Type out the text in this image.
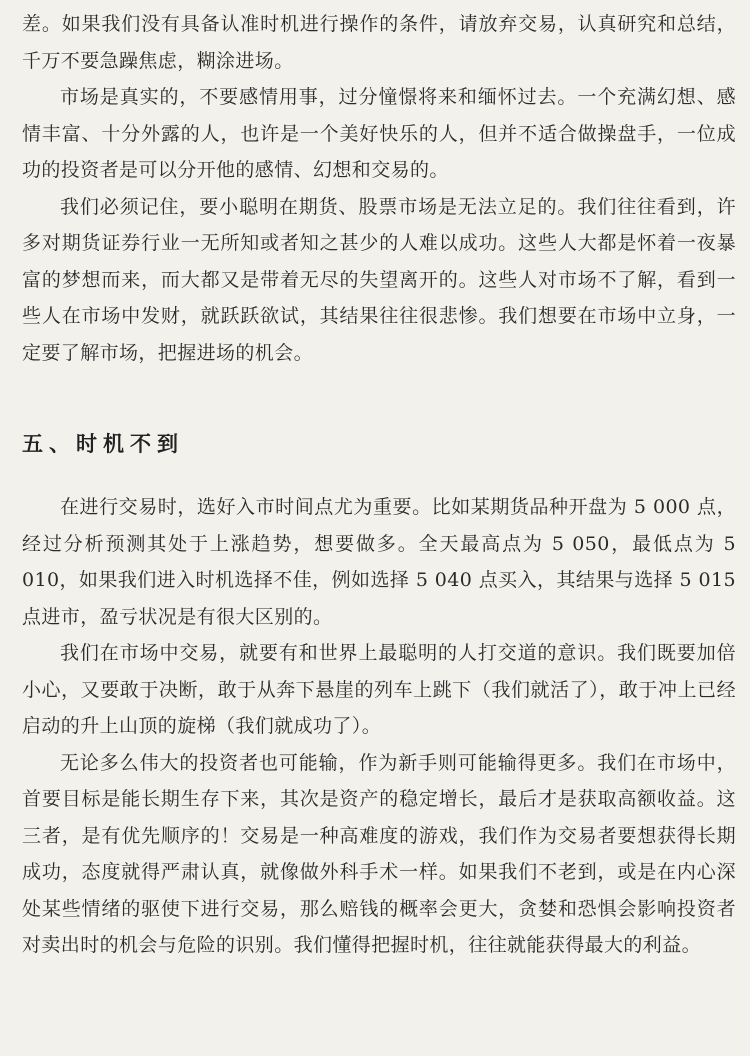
差。如果我们没有具备认准时机进行操作的条件，请放弃交易，认真研究和总结，千万不要急躁焦虑，糊涂进场。

市场是真实的，不要感情用事，过分憧憬将来和缅怀过去。一个充满幻想、感情丰富、十分外露的人，也许是一个美好快乐的人，但并不适合做操盘手，一位成功的投资者是可以分开他的感情、幻想和交易的。

我们必须记住，要小聪明在期货、股票市场是无法立足的。我们往往看到，许多对期货证券行业一无所知或者知之甚少的人难以成功。这些人大都是怀着一夜暴富的梦想而来，而大都又是带着无尽的失望离开的。这些人对市场不了解，看到一些人在市场中发财，就跃跃欲试，其结果往往很悲惨。我们想要在市场中立身，一定要了解市场，把握进场的机会。

五、时机不到

在进行交易时，选好入市时间点尤为重要。比如某期货品种开盘为 5 000 点，经过分析预测其处于上涨趋势，想要做多。全天最高点为 5 050，最低点为 5 010，如果我们进入时机选择不佳，例如选择 5 040 点买入，其结果与选择 5 015 点进市，盈亏状况是有很大区别的。

我们在市场中交易，就要有和世界上最聪明的人打交道的意识。我们既要加倍小心，又要敢于决断，敢于从奔下悬崖的列车上跳下（我们就活了），敢于冲上已经启动的升上山顶的旋梯（我们就成功了）。

无论多么伟大的投资者也可能输，作为新手则可能输得更多。我们在市场中，首要目标是能长期生存下来，其次是资产的稳定增长，最后才是获取高额收益。这三者，是有优先顺序的！交易是一种高难度的游戏，我们作为交易者要想获得长期成功，态度就得严肃认真，就像做外科手术一样。如果我们不老到，或是在内心深处某些情绪的驱使下进行交易，那么赔钱的概率会更大，贪婪和恐惧会影响投资者对卖出时的机会与危险的识别。我们懂得把握时机，往往就能获得最大的利益。
